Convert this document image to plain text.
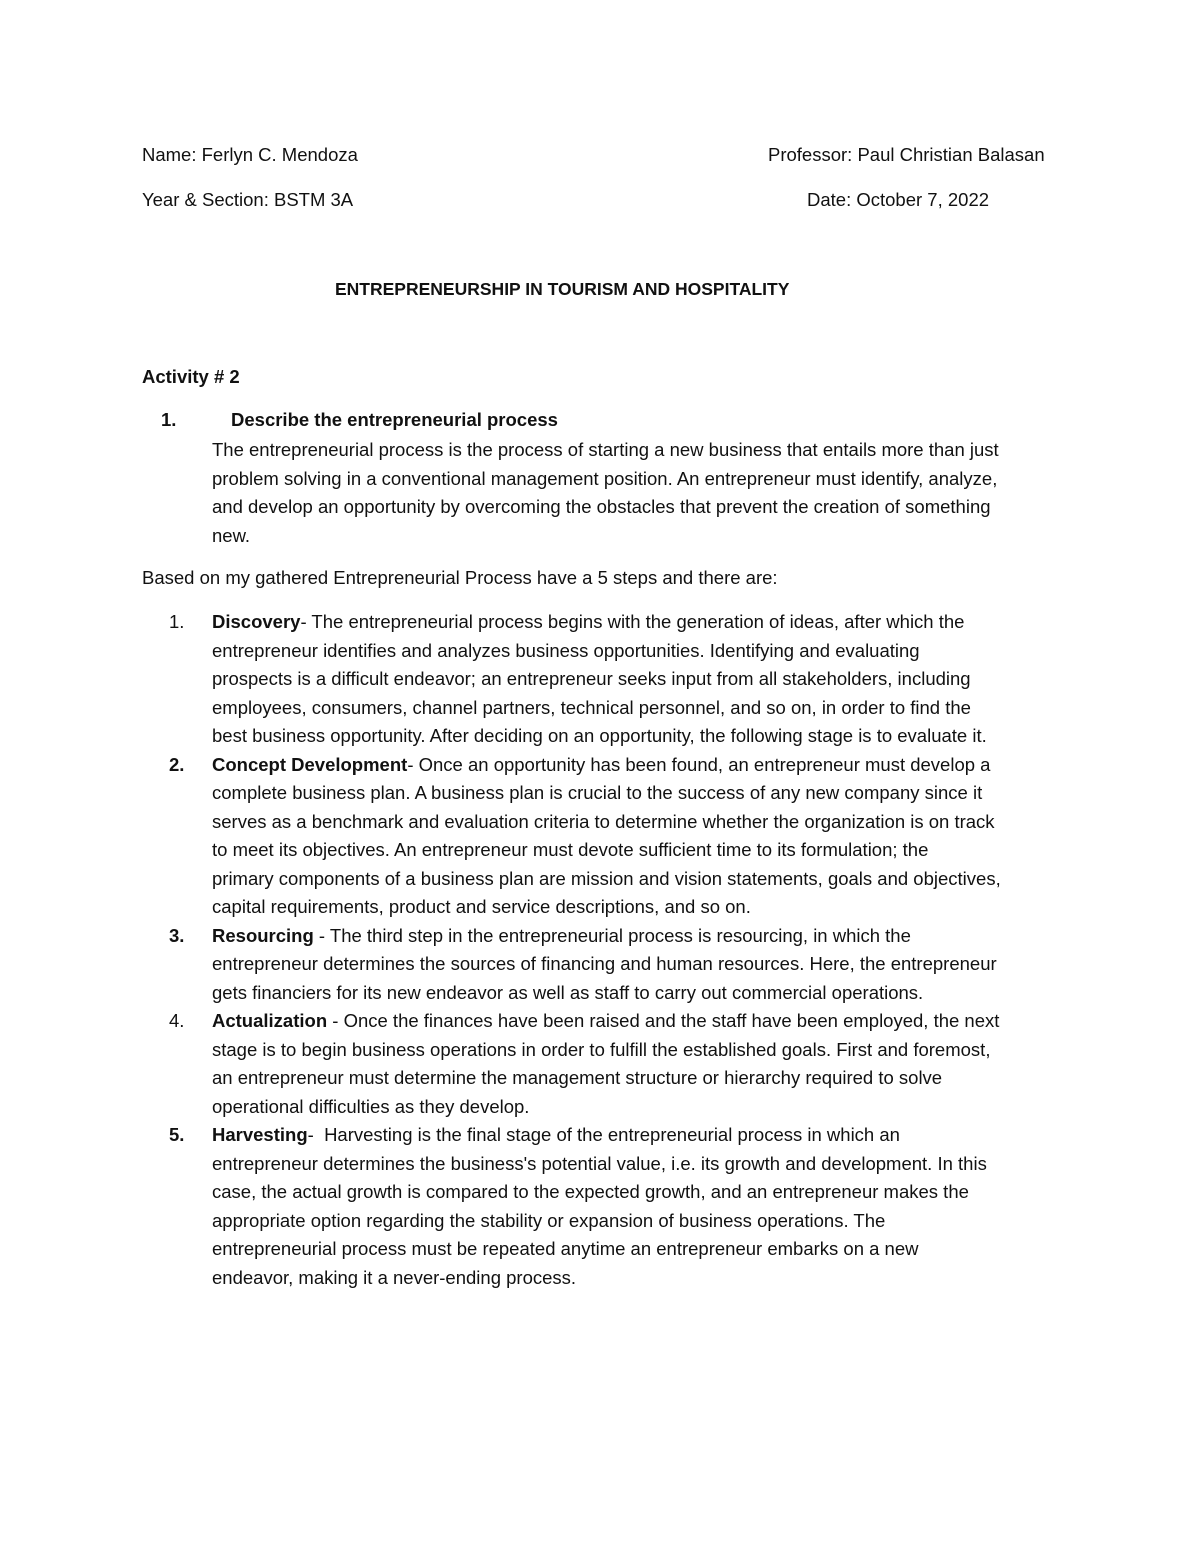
Name: Ferlyn C. Mendoza	Professor: Paul Christian Balasan
Year & Section: BSTM 3A	Date: October 7, 2022
ENTREPRENEURSHIP IN TOURISM AND HOSPITALITY
Activity # 2
1.	Describe the entrepreneurial process
The entrepreneurial process is the process of starting a new business that entails more than just
problem solving in a conventional management position. An entrepreneur must identify, analyze,
and develop an opportunity by overcoming the obstacles that prevent the creation of something
new.
Based on my gathered Entrepreneurial Process have a 5 steps and there are:
1. Discovery- The entrepreneurial process begins with the generation of ideas, after which the
entrepreneur identifies and analyzes business opportunities. Identifying and evaluating
prospects is a difficult endeavor; an entrepreneur seeks input from all stakeholders, including
employees, consumers, channel partners, technical personnel, and so on, in order to find the
best business opportunity. After deciding on an opportunity, the following stage is to evaluate it.
2. Concept Development- Once an opportunity has been found, an entrepreneur must develop a
complete business plan. A business plan is crucial to the success of any new company since it
serves as a benchmark and evaluation criteria to determine whether the organization is on track
to meet its objectives. An entrepreneur must devote sufficient time to its formulation; the
primary components of a business plan are mission and vision statements, goals and objectives,
capital requirements, product and service descriptions, and so on.
3. Resourcing - The third step in the entrepreneurial process is resourcing, in which the
entrepreneur determines the sources of financing and human resources. Here, the entrepreneur
gets financiers for its new endeavor as well as staff to carry out commercial operations.
4. Actualization - Once the finances have been raised and the staff have been employed, the next
stage is to begin business operations in order to fulfill the established goals. First and foremost,
an entrepreneur must determine the management structure or hierarchy required to solve
operational difficulties as they develop.
5. Harvesting-  Harvesting is the final stage of the entrepreneurial process in which an
entrepreneur determines the business's potential value, i.e. its growth and development. In this
case, the actual growth is compared to the expected growth, and an entrepreneur makes the
appropriate option regarding the stability or expansion of business operations. The
entrepreneurial process must be repeated anytime an entrepreneur embarks on a new
endeavor, making it a never-ending process.
